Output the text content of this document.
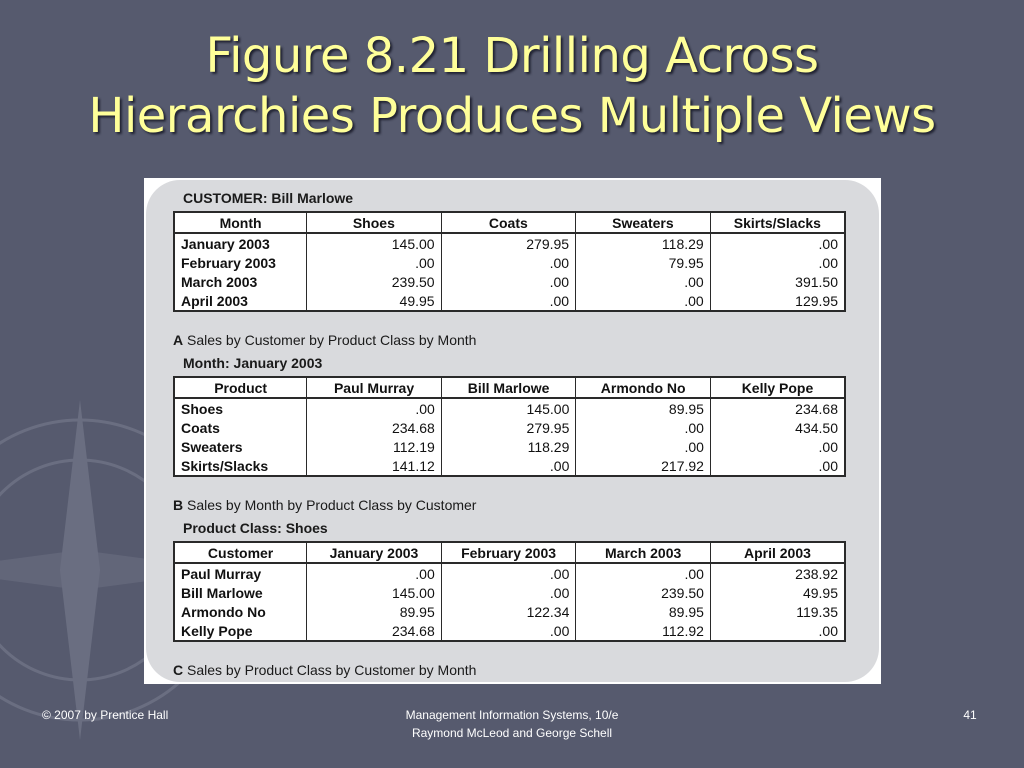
Figure 8.21 Drilling Across
Hierarchies Produces Multiple Views
CUSTOMER: Bill Marlowe
Month	Shoes	Coats	Sweaters	Skirts/Slacks
January 2003	145.00	279.95	118.29	.00
February 2003	.00	.00	79.95	.00
March 2003	239.50	.00	.00	391.50
April 2003	49.95	.00	.00	129.95
A Sales by Customer by Product Class by Month
Month: January 2003
Product	Paul Murray	Bill Marlowe	Armondo No	Kelly Pope
Shoes	.00	145.00	89.95	234.68
Coats	234.68	279.95	.00	434.50
Sweaters	112.19	118.29	.00	.00
Skirts/Slacks	141.12	.00	217.92	.00
B Sales by Month by Product Class by Customer
Product Class: Shoes
Customer	January 2003	February 2003	March 2003	April 2003
Paul Murray	.00	.00	.00	238.92
Bill Marlowe	145.00	.00	239.50	49.95
Armondo No	89.95	122.34	89.95	119.35
Kelly Pope	234.68	.00	112.92	.00
C Sales by Product Class by Customer by Month
© 2007 by Prentice Hall	Management Information Systems, 10/e
Raymond McLeod and George Schell
41
